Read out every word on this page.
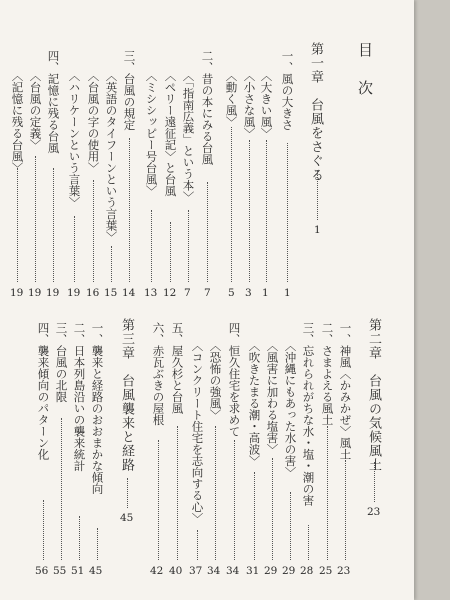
目　次
第一章　台風をさぐる
1
一、風の大きさ
1
〈大きい風〉
1
〈小さな風〉
3
〈動く風〉
5
二、昔の本にみる台風
7
〈「指南広義」という本〉
7
〈ペリー遠征記〉と台風
12
〈ミシシッピー号台風〉
13
三、台風の規定
14
〈英語のタイフーンという言葉〉
15
〈台風の字の使用〉
16
〈ハリケーンという言葉〉
19
四、記憶に残る台風
19
〈台風の定義〉
19
〈記憶に残る台風〉
19
第二章　台風の気候風土
23
一、神風〈かみかぜ〉風土
23
二、さまよえる風土
25
三、忘れられがちな水・塩・潮の害
28
〈沖縄にもあった水の害〉
29
〈風害に加わる塩害〉
29
〈吹きたまる潮・高波〉
31
四、恒久住宅を求めて
34
〈恐怖の強風〉
34
〈コンクリート住宅を志向する心〉
37
五、屋久杉と台風
40
六、赤瓦ぶきの屋根
42
第三章　台風襲来と経路
45
一、襲来と経路のおおまかな傾向
45
二、日本列島沿いの襲来統計
51
三、台風の北限
55
四、襲来傾向のパターン化
56
